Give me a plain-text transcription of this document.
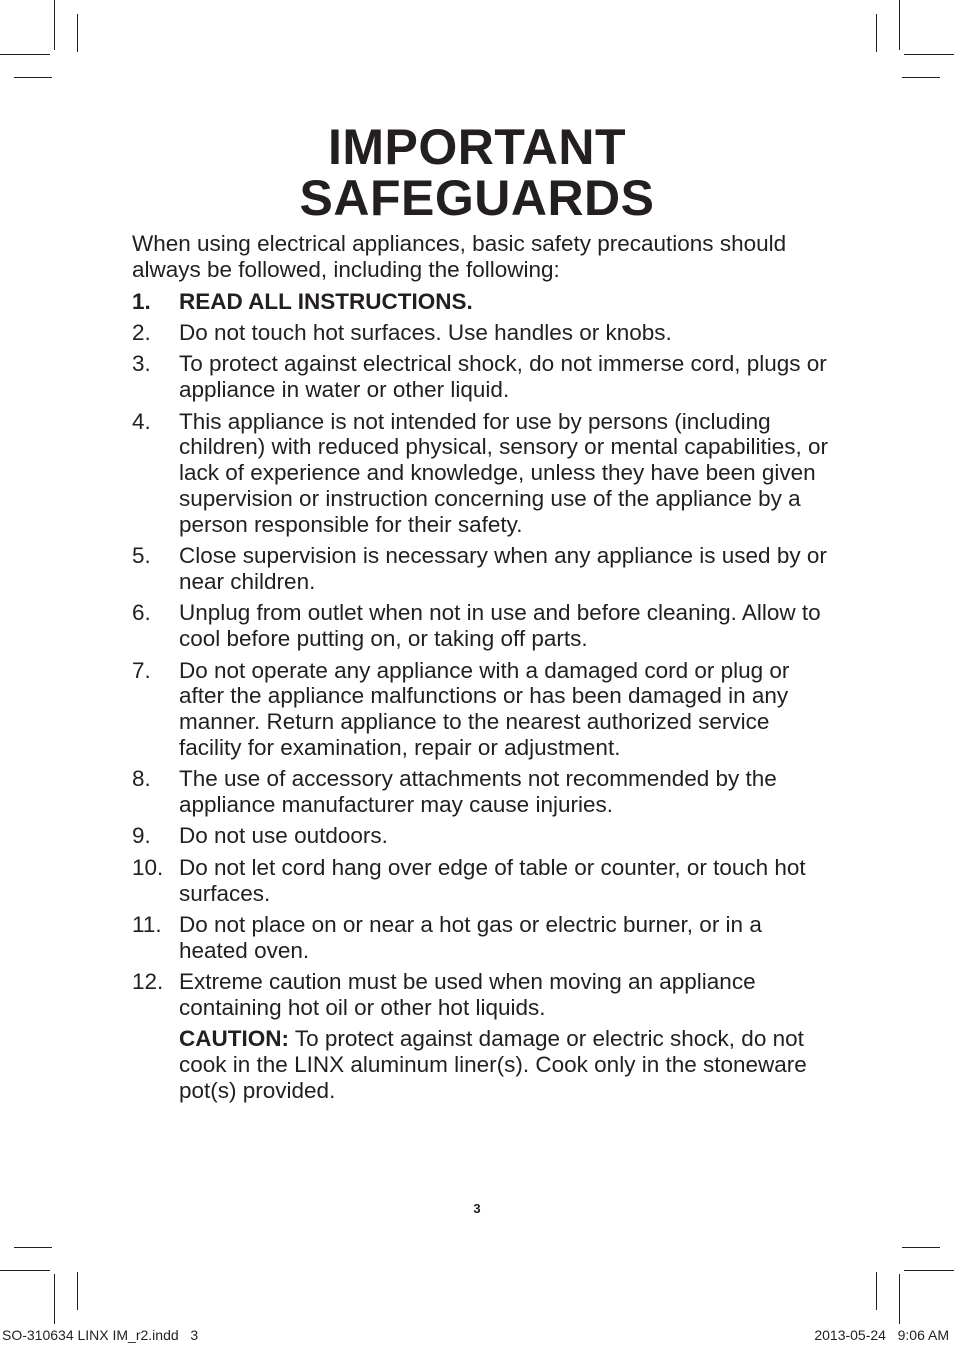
IMPORTANT
SAFEGUARDS

When using electrical appliances, basic safety precautions should always be followed, including the following:

1.	READ ALL INSTRUCTIONS.
2.	Do not touch hot surfaces. Use handles or knobs.
3.	To protect against electrical shock, do not immerse cord, plugs or appliance in water or other liquid.
4.	This appliance is not intended for use by persons (including children) with reduced physical, sensory or mental capabilities, or lack of experience and knowledge, unless they have been given supervision or instruction concerning use of the appliance by a person responsible for their safety.
5.	Close supervision is necessary when any appliance is used by or near children.
6.	Unplug from outlet when not in use and before cleaning. Allow to cool before putting on, or taking off parts.
7.	Do not operate any appliance with a damaged cord or plug or after the appliance malfunctions or has been damaged in any manner. Return appliance to the nearest authorized service facility for examination, repair or adjustment.
8.	The use of accessory attachments not recommended by the appliance manufacturer may cause injuries.
9.	Do not use outdoors.
10. Do not let cord hang over edge of table or counter, or touch hot surfaces.
11. Do not place on or near a hot gas or electric burner, or in a heated oven.
12. Extreme caution must be used when moving an appliance containing hot oil or other hot liquids.

CAUTION: To protect against damage or electric shock, do not cook in the LINX aluminum liner(s). Cook only in the stoneware pot(s) provided.

3
SO-310634 LINX IM_r2.indd   3	2013-05-24   9:06 AM
